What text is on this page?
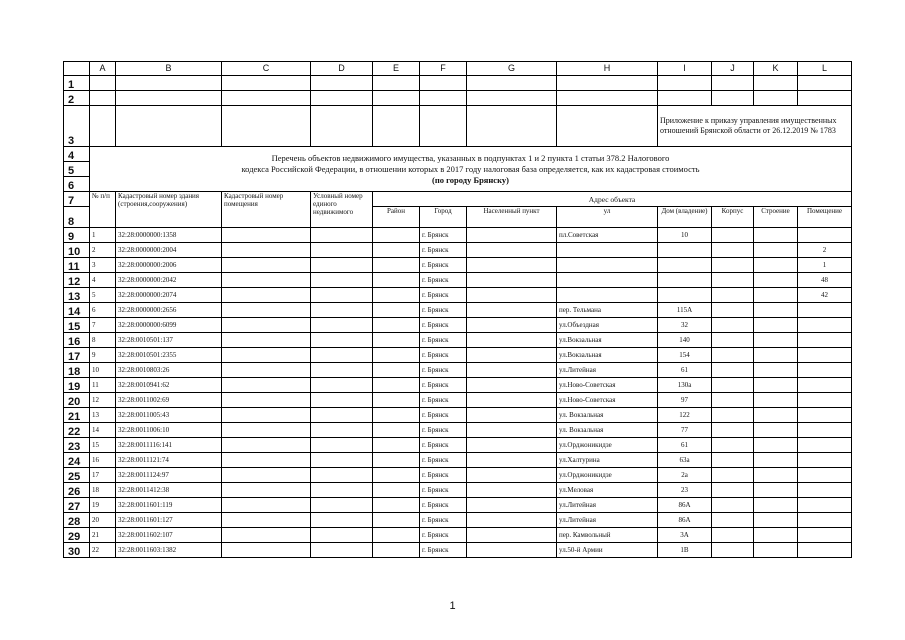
	A	B	C	D	E	F	G	H	I	J	K	L
1												
2												
3									Приложение к приказу управления имущественных отношений Брянской области от 26.12.2019 № 1783			
4	Перечень объектов недвижимого имущества, указанных в подпунктах 1 и 2 пункта 1 статьи 378.2 Налогового
кодекса Российской Федерации, в отношении которых в 2017 году налоговая база определяется, как их кадастровая стоимость
(по городу Брянску)											

5												
6												
7	№ п/п	Кадастровый номер здания (строения,сооружения)	Кадастровый номер помещения	Условный номер единого недвижимого	Адрес объекта							
8					Район	Город	Населенный пункт	ул	Дом (владение)	Корпус	Строение	Помещение
9	1	32:28:0000000:1358				г. Брянск		пл.Советская	10			
10	2	32:28:0000000:2004				г. Брянск						2
11	3	32:28:0000000:2006				г. Брянск						1
12	4	32:28:0000000:2042				г. Брянск						48
13	5	32:28:0000000:2074				г. Брянск						42
14	6	32:28:0000000:2656				г. Брянск		пер. Тельмана	115А			
15	7	32:28:0000000:6099				г. Брянск		ул.Объездная	32			
16	8	32:28:0010501:137				г. Брянск		ул.Вокзальная	140			
17	9	32:28:0010501:2355				г. Брянск		ул.Вокзальная	154			
18	10	32:28:0010803:26				г. Брянск		ул.Литейная	61			
19	11	32:28:0010941:62				г. Брянск		ул.Ново-Советская	130а			
20	12	32:28:0011002:69				г. Брянск		ул.Ново-Советская	97			
21	13	32:28:0011005:43				г. Брянск		ул. Вокзальная	122			
22	14	32:28:0011006:10				г. Брянск		ул. Вокзальная	77			
23	15	32:28:0011116:141				г. Брянск		ул.Орджоникидзе	61			
24	16	32:28:0011121:74				г. Брянск		ул.Халтурина	63а			
25	17	32:28:0011124:97				г. Брянск		ул.Орджоникидзе	2а			
26	18	32:28:0011412:38				г. Брянск		ул.Меловая	23			
27	19	32:28:0011601:119				г. Брянск		ул.Литейная	86А			
28	20	32:28:0011601:127				г. Брянск		ул.Литейная	86А			
29	21	32:28:0011602:107				г. Брянск		пер. Камвольный	3А			
30	22	32:28:0011603:1382				г. Брянск		ул.50-й Армии	1В			
1
